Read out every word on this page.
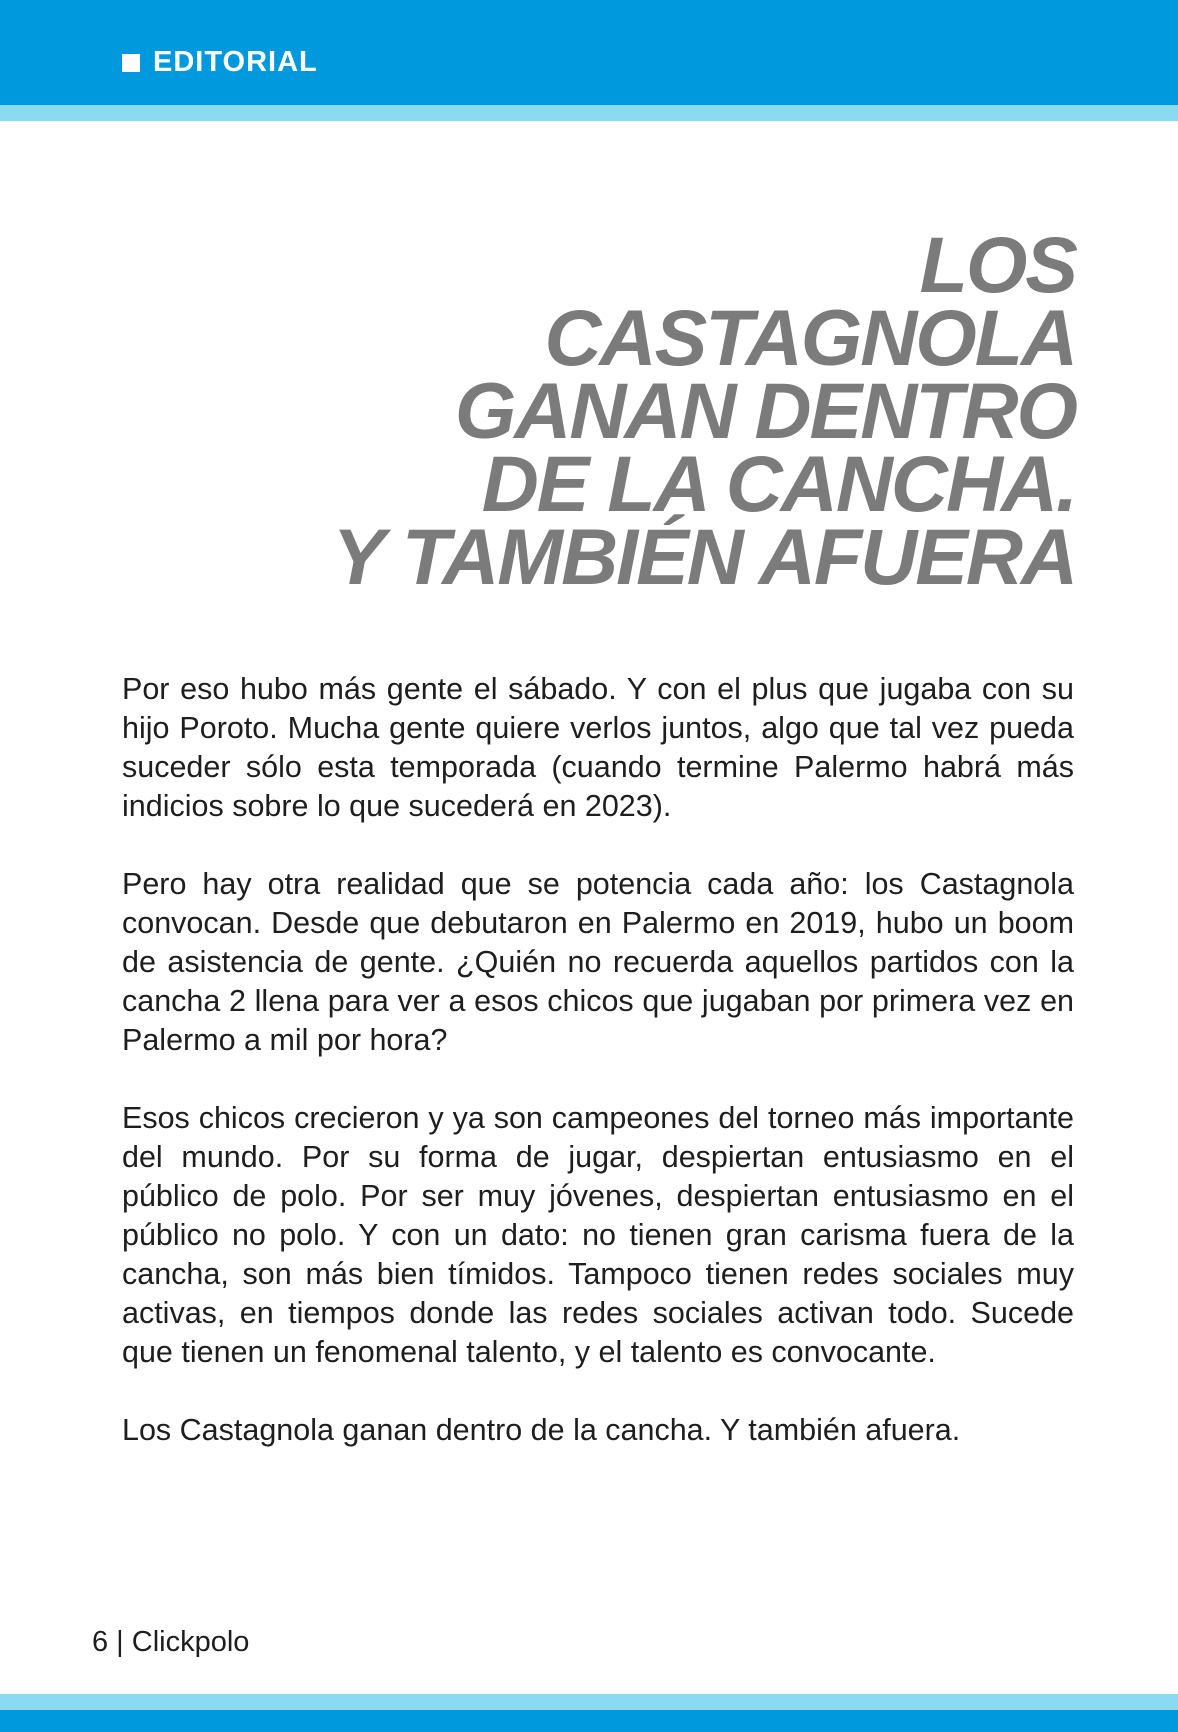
EDITORIAL
LOS
CASTAGNOLA
GANAN DENTRO
DE LA CANCHA.
Y TAMBIÉN AFUERA

Por eso hubo más gente el sábado. Y con el plus que jugaba con su hijo Poroto. Mucha gente quiere verlos juntos, algo que tal vez pueda suceder sólo esta temporada (cuando termine Palermo habrá más indicios sobre lo que sucederá en 2023).

Pero hay otra realidad que se potencia cada año: los Castagnola convocan. Desde que debutaron en Palermo en 2019, hubo un boom de asistencia de gente. ¿Quién no recuerda aquellos partidos con la cancha 2 llena para ver a esos chicos que jugaban por primera vez en Palermo a mil por hora?

Esos chicos crecieron y ya son campeones del torneo más importante del mundo. Por su forma de jugar, despiertan entusiasmo en el público de polo. Por ser muy jóvenes, despiertan entusiasmo en el público no polo. Y con un dato: no tienen gran carisma fuera de la cancha, son más bien tímidos. Tampoco tienen redes sociales muy activas, en tiempos donde las redes sociales activan todo. Sucede que tienen un fenomenal talento, y el talento es convocante.

Los Castagnola ganan dentro de la cancha. Y también afuera.

6 | Clickpolo
